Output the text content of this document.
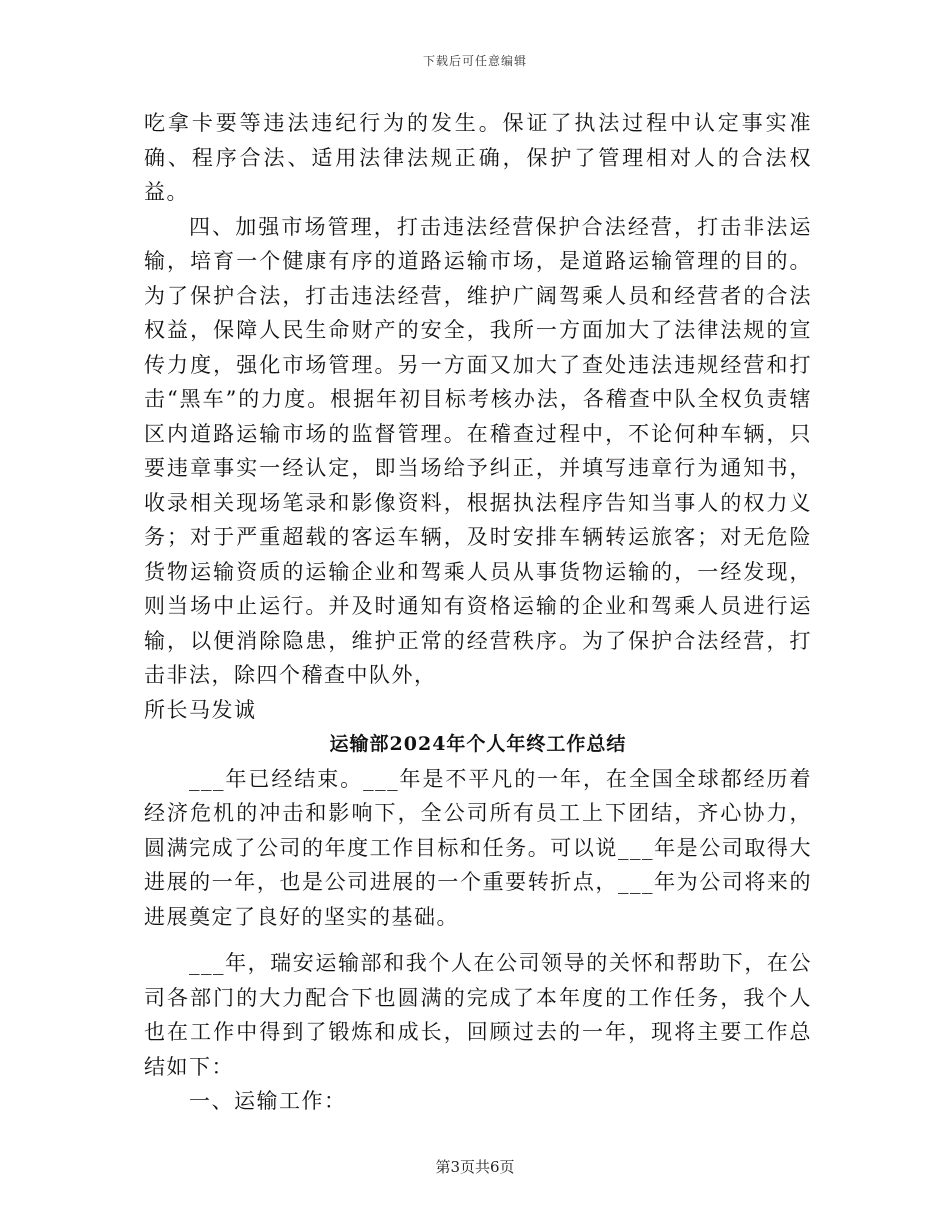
下载后可任意编辑

吃拿卡要等违法违纪行为的发生。保证了执法过程中认定事实准确、程序合法、适用法律法规正确，保护了管理相对人的合法权益。

四、加强市场管理，打击违法经营保护合法经营，打击非法运输，培育一个健康有序的道路运输市场，是道路运输管理的目的。为了保护合法，打击违法经营，维护广阔驾乘人员和经营者的合法权益，保障人民生命财产的安全，我所一方面加大了法律法规的宣传力度，强化市场管理。另一方面又加大了查处违法违规经营和打击“黑车”的力度。根据年初目标考核办法，各稽查中队全权负责辖区内道路运输市场的监督管理。在稽查过程中，不论何种车辆，只要违章事实一经认定，即当场给予纠正，并填写违章行为通知书，收录相关现场笔录和影像资料，根据执法程序告知当事人的权力义务；对于严重超载的客运车辆，及时安排车辆转运旅客；对无危险货物运输资质的运输企业和驾乘人员从事货物运输的，一经发现，则当场中止运行。并及时通知有资格运输的企业和驾乘人员进行运输，以便消除隐患，维护正常的经营秩序。为了保护合法经营，打击非法，除四个稽查中队外，

所长马发诚

运输部2024年个人年终工作总结

___年已经结束。___年是不平凡的一年，在全国全球都经历着经济危机的冲击和影响下，全公司所有员工上下团结，齐心协力，圆满完成了公司的年度工作目标和任务。可以说___年是公司取得大进展的一年，也是公司进展的一个重要转折点，___年为公司将来的进展奠定了良好的坚实的基础。

___年，瑞安运输部和我个人在公司领导的关怀和帮助下，在公司各部门的大力配合下也圆满的完成了本年度的工作任务，我个人也在工作中得到了锻炼和成长，回顾过去的一年，现将主要工作总结如下：

一、运输工作：

第3页共6页
